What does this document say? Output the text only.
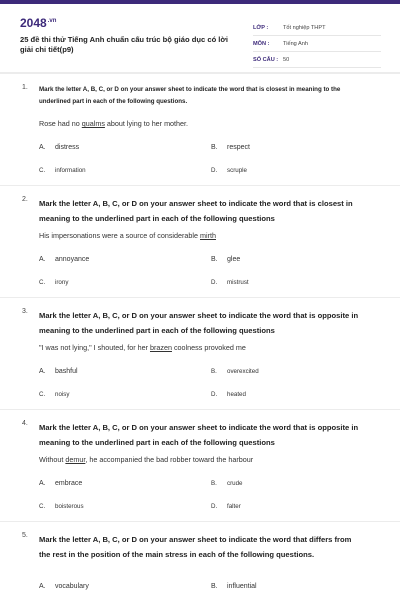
$2048^{.vn}$
25 đề thi thử Tiếng Anh chuẩn cấu trúc bộ giáo dục có lời giải chi tiết(p9)
LỚP :	Tốt nghiệp THPT
MÔN :	Tiếng Anh
SỐ CÂU : 50
1. Mark the letter A, B, C, or D on your answer sheet to indicate the word that is closest in meaning to the underlined part in each of the following questions.
Rose had no qualms about lying to her mother.
A. distress	B. respect
C. information	D. scruple
2. Mark the letter A, B, C, or D on your answer sheet to indicate the word that is closest in meaning to the underlined part in each of the following questions
His impersonations were a source of considerable mirth
A. annoyance	B. glee
C. irony	D. mistrust
3. Mark the letter A, B, C, or D on your answer sheet to indicate the word that is opposite in meaning to the underlined part in each of the following questions
"I was not lying," I shouted, for her brazen coolness provoked me
A. bashful	B. overexcited
C. noisy	D. heated
4. Mark the letter A, B, C, or D on your answer sheet to indicate the word that is opposite in meaning to the underlined part in each of the following questions
Without demur, he accompanied the bad robber toward the harbour
A. embrace	B. crude
C. boisterous	D. falter
5. Mark the letter A, B, C, or D on your answer sheet to indicate the word that differs from the rest in the position of the main stress in each of the following questions.
A. vocabulary	B. influential
